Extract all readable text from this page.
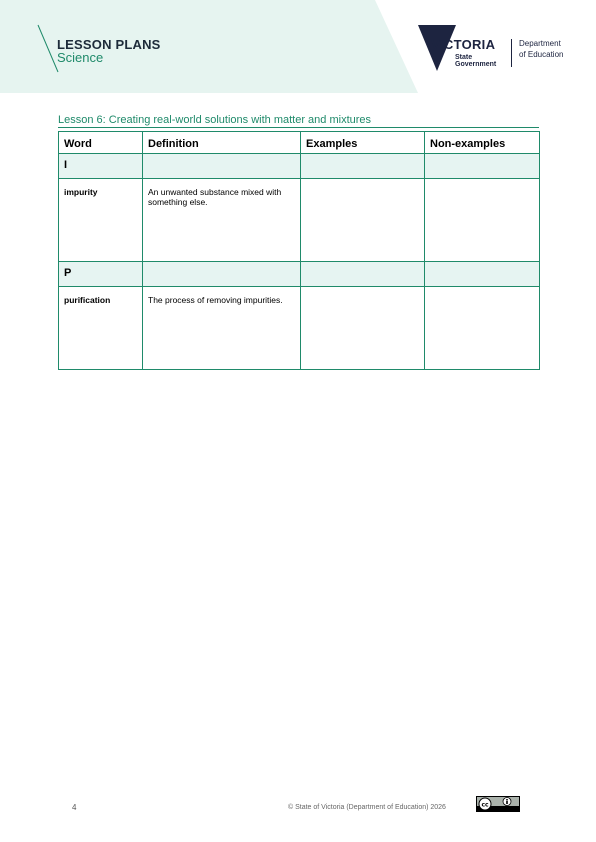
LESSON PLANS
Science
VICTORIA
State
Government
Department
of Education
Lesson 6: Creating real-world solutions with matter and mixtures
Word	Definition	Examples	Non-examples
I			
impurity	An unwanted substance mixed with something else.		
P			
purification	The process of removing impurities.		
4	© State of Victoria (Department of Education) 2026	cc
